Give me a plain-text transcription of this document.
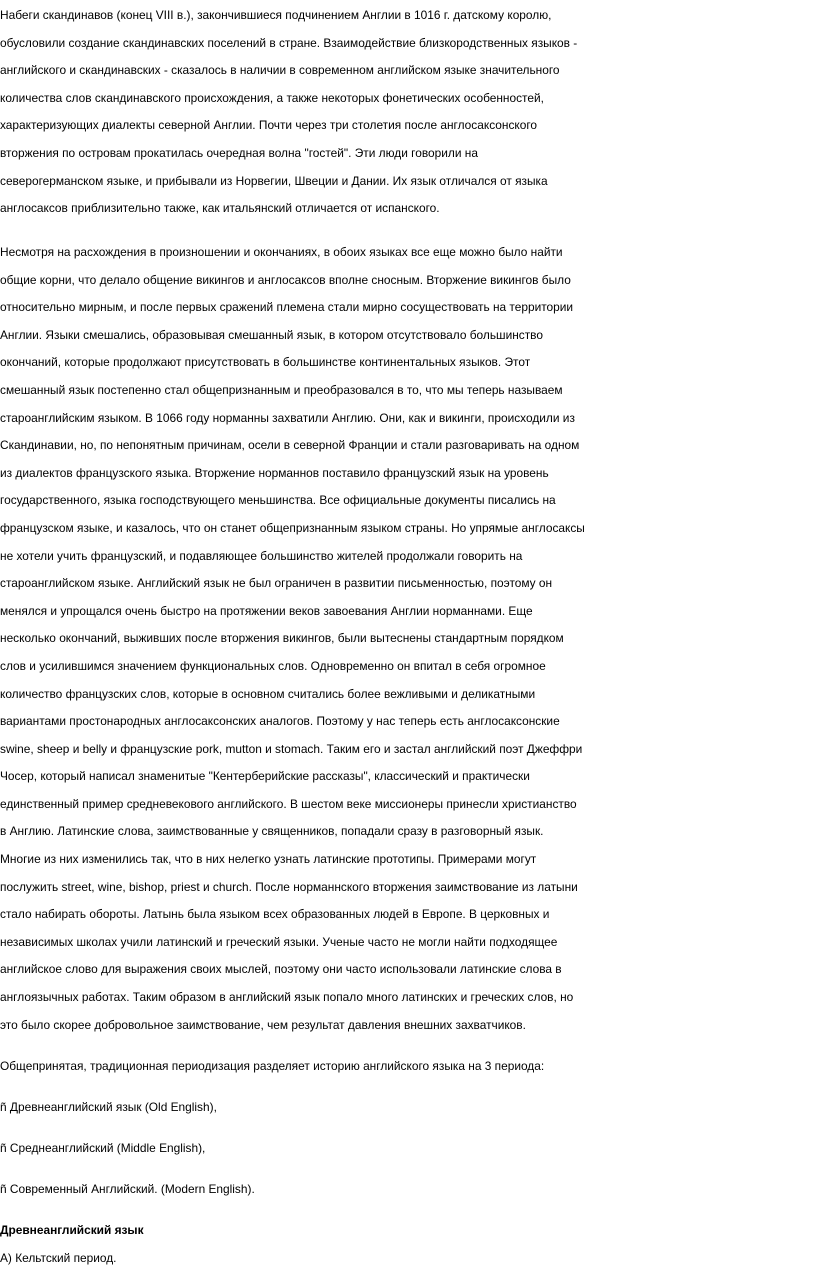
Набеги скандинавов (конец VIII в.), закончившиеся подчинением Англии в 1016 г. датскому королю,
обусловили создание скандинавских поселений в стране. Взаимодействие близкородственных языков -
английского и скандинавских - сказалось в наличии в современном английском языке значительного
количества слов скандинавского происхождения, а также некоторых фонетических особенностей,
характеризующих диалекты северной Англии. Почти через три столетия после англосаксонского
вторжения по островам прокатилась очередная волна "гостей". Эти люди говорили на
северогерманском языке, и прибывали из Норвегии, Швеции и Дании. Их язык отличался от языка
англосаксов приблизительно также, как итальянский отличается от испанского.

Несмотря на расхождения в произношении и окончаниях, в обоих языках все еще можно было найти
общие корни, что делало общение викингов и англосаксов вполне сносным. Вторжение викингов было
относительно мирным, и после первых сражений племена стали мирно сосуществовать на территории
Англии. Языки смешались, образовывая смешанный язык, в котором отсутствовало большинство
окончаний, которые продолжают присутствовать в большинстве континентальных языков. Этот
смешанный язык постепенно стал общепризнанным и преобразовался в то, что мы теперь называем
староанглийским языком. В 1066 году норманны захватили Англию. Они, как и викинги, происходили из
Скандинавии, но, по непонятным причинам, осели в северной Франции и стали разговаривать на одном
из диалектов французского языка. Вторжение норманнов поставило французский язык на уровень
государственного, языка господствующего меньшинства. Все официальные документы писались на
французском языке, и казалось, что он станет общепризнанным языком страны. Но упрямые англосаксы
не хотели учить французский, и подавляющее большинство жителей продолжали говорить на
староанглийском языке. Английский язык не был ограничен в развитии письменностью, поэтому он
менялся и упрощался очень быстро на протяжении веков завоевания Англии норманнами. Еще
несколько окончаний, выживших после вторжения викингов, были вытеснены стандартным порядком
слов и усилившимся значением функциональных слов. Одновременно он впитал в себя огромное
количество французских слов, которые в основном считались более вежливыми и деликатными
вариантами простонародных англосаксонских аналогов. Поэтому у нас теперь есть англосаксонские
swine, sheep и belly и французские pork, mutton и stomach. Таким его и застал английский поэт Джеффри
Чосер, который написал знаменитые "Кентерберийские рассказы", классический и практически
единственный пример средневекового английского. В шестом веке миссионеры принесли христианство
в Англию. Латинские слова, заимствованные у священников, попадали сразу в разговорный язык.
Многие из них изменились так, что в них нелегко узнать латинские прототипы. Примерами могут
послужить street, wine, bishop, priest и church. После норманнского вторжения заимствование из латыни
стало набирать обороты. Латынь была языком всех образованных людей в Европе. В церковных и
независимых школах учили латинский и греческий языки. Ученые часто не могли найти подходящее
английское слово для выражения своих мыслей, поэтому они часто использовали латинские слова в
англоязычных работах. Таким образом в английский язык попало много латинских и греческих слов, но
это было скорее добровольное заимствование, чем результат давления внешних захватчиков.

Общепринятая, традиционная периодизация разделяет историю английского языка на 3 периода:

ñ Древнеанглийский язык (Old English),

ñ Среднеанглийский (Middle English),

ñ Современный Английский. (Modern English).

Древнеанглийский язык
А) Кельтский период.
